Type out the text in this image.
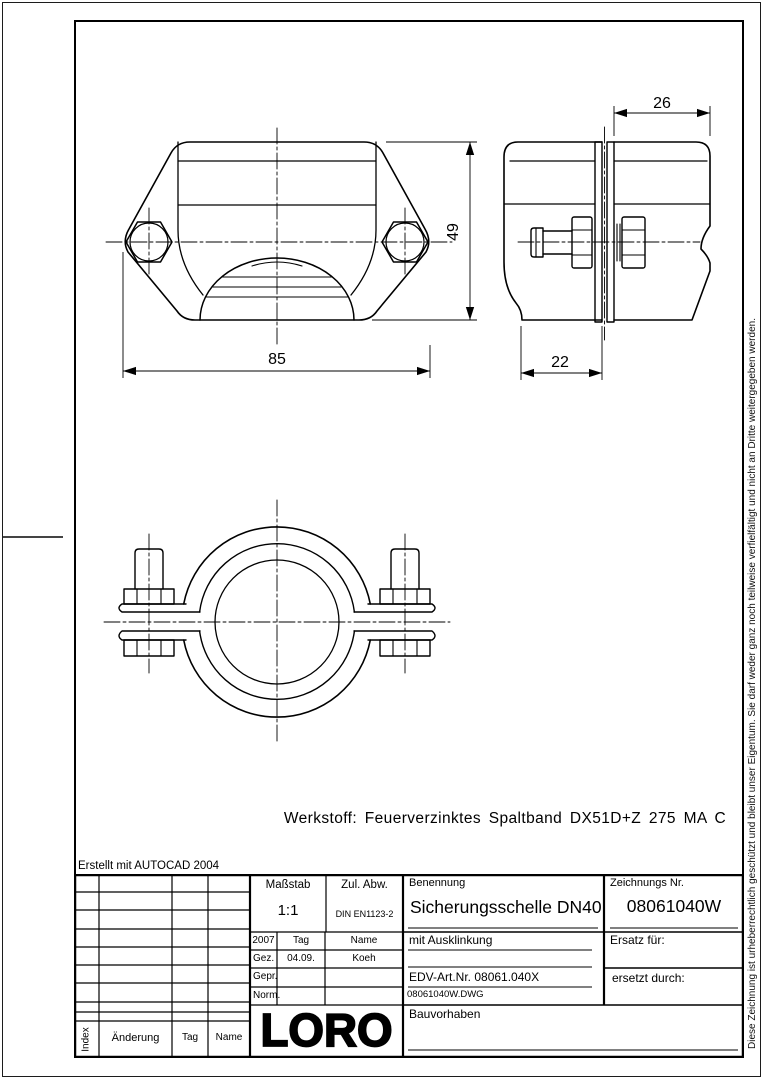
Diese Zeichnung ist urheberrechtlich geschützt und bleibt unser Eigentum. Sie darf weder ganz noch teilweise verfielfältigt und nicht an Dritte weitergegeben werden.
85
49
26
22
Werkstoff: Feuerverzinktes Spaltband DX51D+Z 275 MA C
Erstellt mit AUTOCAD 2004
Maßstab
1:1
Zul. Abw.
DIN EN1123-2
2007	Tag	Name
Gez.	04.09.	Koeh
Gepr.
Norm.
LORO
Benennung
Sicherungsschelle DN40
mit Ausklinkung
EDV-Art.Nr. 08061.040X
08061040W.DWG
Bauvorhaben
Zeichnungs Nr.
08061040W
Ersatz für:
ersetzt durch:
Index	Änderung	Tag	Name
